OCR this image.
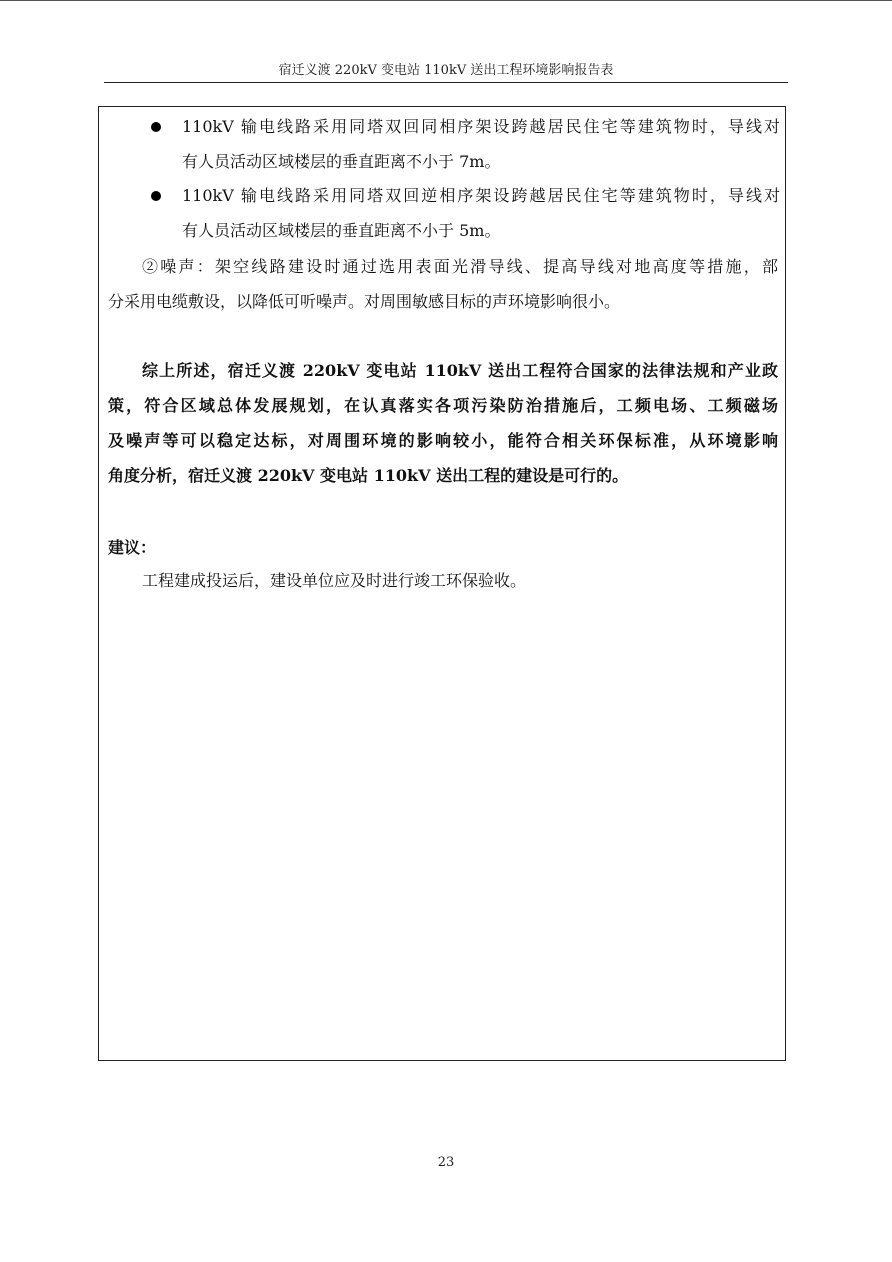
宿迁义渡 220kV 变电站 110kV 送出工程环境影响报告表
110kV 输电线路采用同塔双回同相序架设跨越居民住宅等建筑物时，导线对
有人员活动区域楼层的垂直距离不小于 7m。
110kV 输电线路采用同塔双回逆相序架设跨越居民住宅等建筑物时，导线对
有人员活动区域楼层的垂直距离不小于 5m。
②噪声：架空线路建设时通过选用表面光滑导线、提高导线对地高度等措施，部
分采用电缆敷设，以降低可听噪声。对周围敏感目标的声环境影响很小。
综上所述，宿迁义渡 220kV 变电站 110kV 送出工程符合国家的法律法规和产业政
策，符合区域总体发展规划，在认真落实各项污染防治措施后，工频电场、工频磁场
及噪声等可以稳定达标，对周围环境的影响较小，能符合相关环保标准，从环境影响
角度分析，宿迁义渡 220kV 变电站 110kV 送出工程的建设是可行的。
建议：
工程建成投运后，建设单位应及时进行竣工环保验收。
23
